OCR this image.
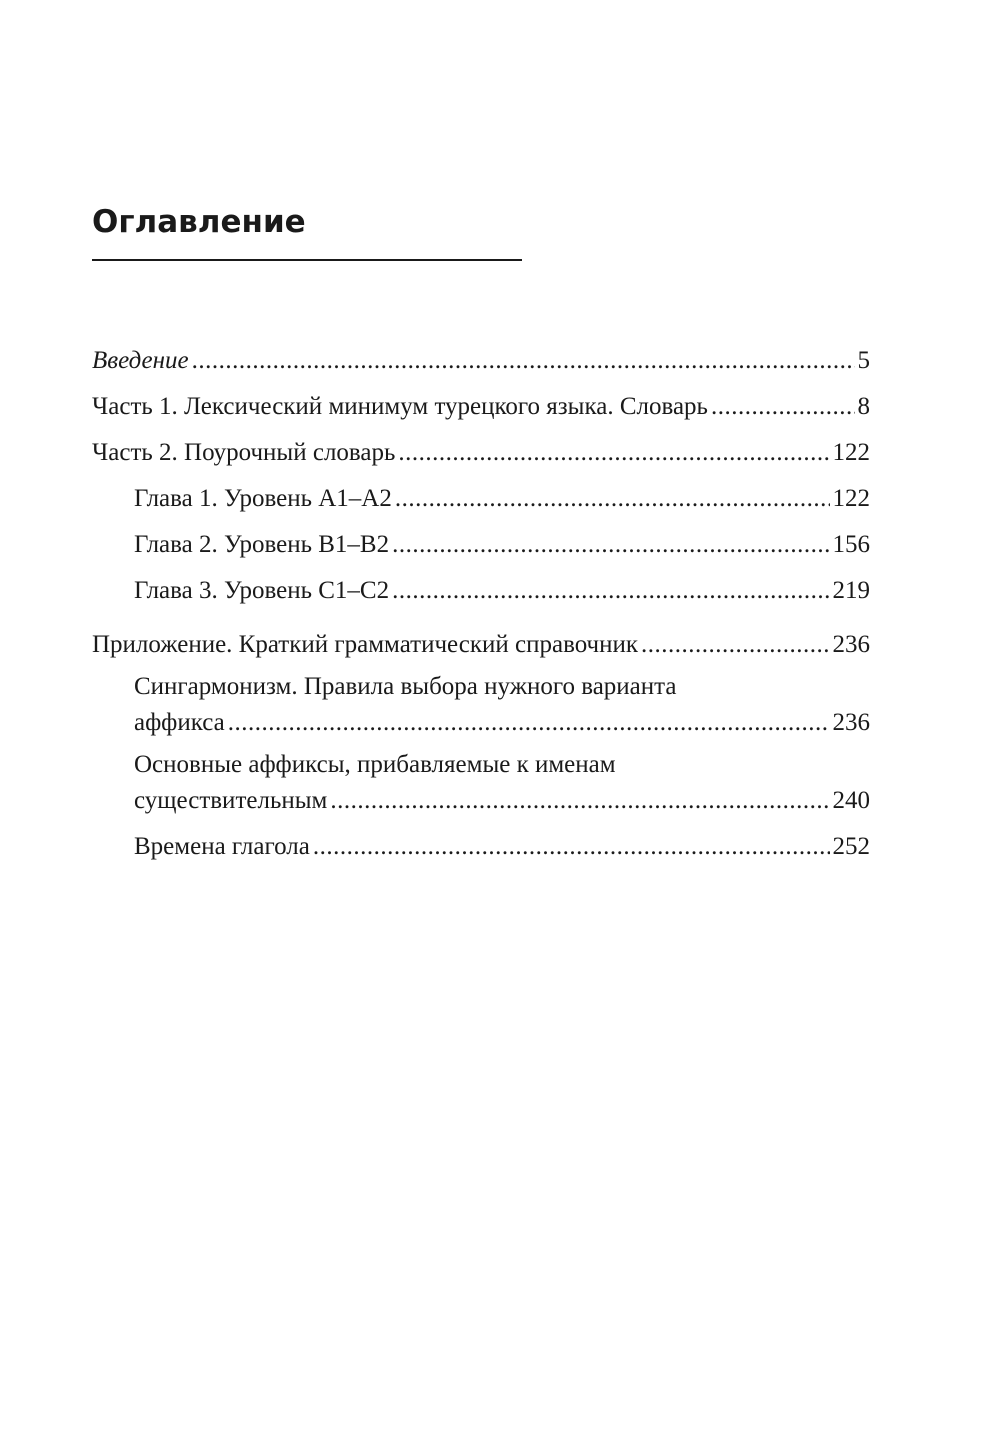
Оглавление
Введение .....	5
Часть 1. Лексический минимум турецкого языка. Словарь .....	8
Часть 2. Поурочный словарь .....	122
Глава 1. Уровень А1–А2 .....	122
Глава 2. Уровень В1–В2 .....	156
Глава 3. Уровень С1–С2 .....	219
Приложение. Краткий грамматический справочник .....	236
Сингармонизм. Правила выбора нужного варианта
аффикса .....	236
Основные аффиксы, прибавляемые к именам
существительным .....	240
Времена глагола .....	252
